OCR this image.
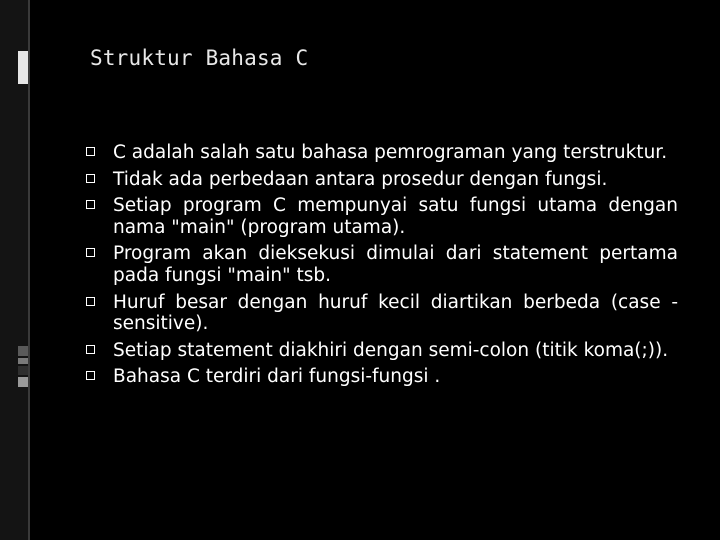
Struktur Bahasa C
C adalah salah satu bahasa pemrograman yang terstruktur.
Tidak ada perbedaan antara prosedur dengan fungsi.
Setiap program C mempunyai satu fungsi utama dengan nama "main" (program utama).
Program akan dieksekusi dimulai dari statement pertama pada fungsi "main" tsb.
Huruf besar dengan huruf kecil diartikan berbeda (case -sensitive).
Setiap statement diakhiri dengan semi-colon (titik koma(;)).
Bahasa C terdiri dari fungsi-fungsi .
